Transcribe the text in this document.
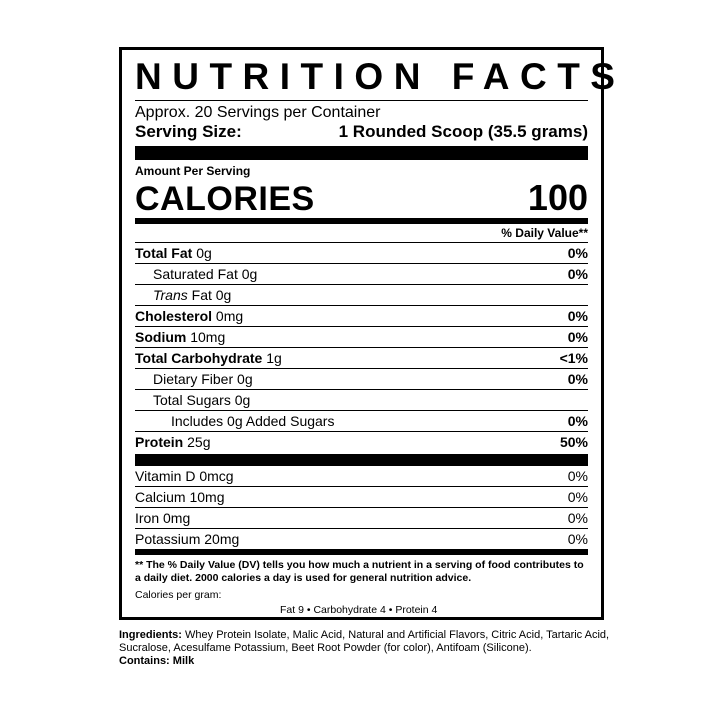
NUTRITION FACTS
Approx. 20 Servings per Container
Serving Size:	1 Rounded Scoop (35.5 grams)
Amount Per Serving
CALORIES	100
% Daily Value**
Total Fat 0g	0%
Saturated Fat 0g	0%
Trans Fat 0g
Cholesterol 0mg	0%
Sodium 10mg	0%
Total Carbohydrate 1g	<1%
Dietary Fiber 0g	0%
Total Sugars 0g
Includes 0g Added Sugars	0%
Protein 25g	50%
Vitamin D 0mcg	0%
Calcium 10mg	0%
Iron 0mg	0%
Potassium 20mg	0%
** The % Daily Value (DV) tells you how much a nutrient in a serving of food contributes to a daily diet. 2000 calories a day is used for general nutrition advice.
Calories per gram:
Fat 9 • Carbohydrate 4 • Protein 4
Ingredients: Whey Protein Isolate, Malic Acid, Natural and Artificial Flavors, Citric Acid, Tartaric Acid, Sucralose, Acesulfame Potassium, Beet Root Powder (for color), Antifoam (Silicone).
Contains: Milk
